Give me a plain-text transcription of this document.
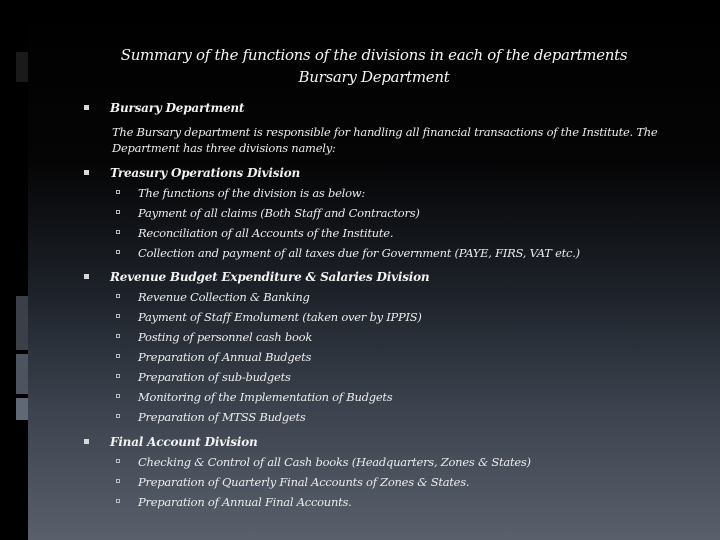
Summary of the functions of the divisions in each of the departments
Bursary Department
Bursary Department
The Bursary department is responsible for handling all financial transactions of the Institute. The Department has three divisions namely:
Treasury Operations Division
The functions of the division is as below:
Payment of all claims (Both Staff and Contractors)
Reconciliation of all Accounts of the Institute.
Collection and payment of all taxes due for Government (PAYE, FIRS, VAT etc.)
Revenue Budget Expenditure & Salaries Division
Revenue Collection & Banking
Payment of Staff Emolument (taken over by IPPIS)
Posting of personnel cash book
Preparation of Annual Budgets
Preparation of sub-budgets
Monitoring of the Implementation of Budgets
Preparation of MTSS Budgets
Final Account Division
Checking & Control of all Cash books (Headquarters, Zones & States)
Preparation of Quarterly Final Accounts of Zones & States.
Preparation of Annual Final Accounts.
